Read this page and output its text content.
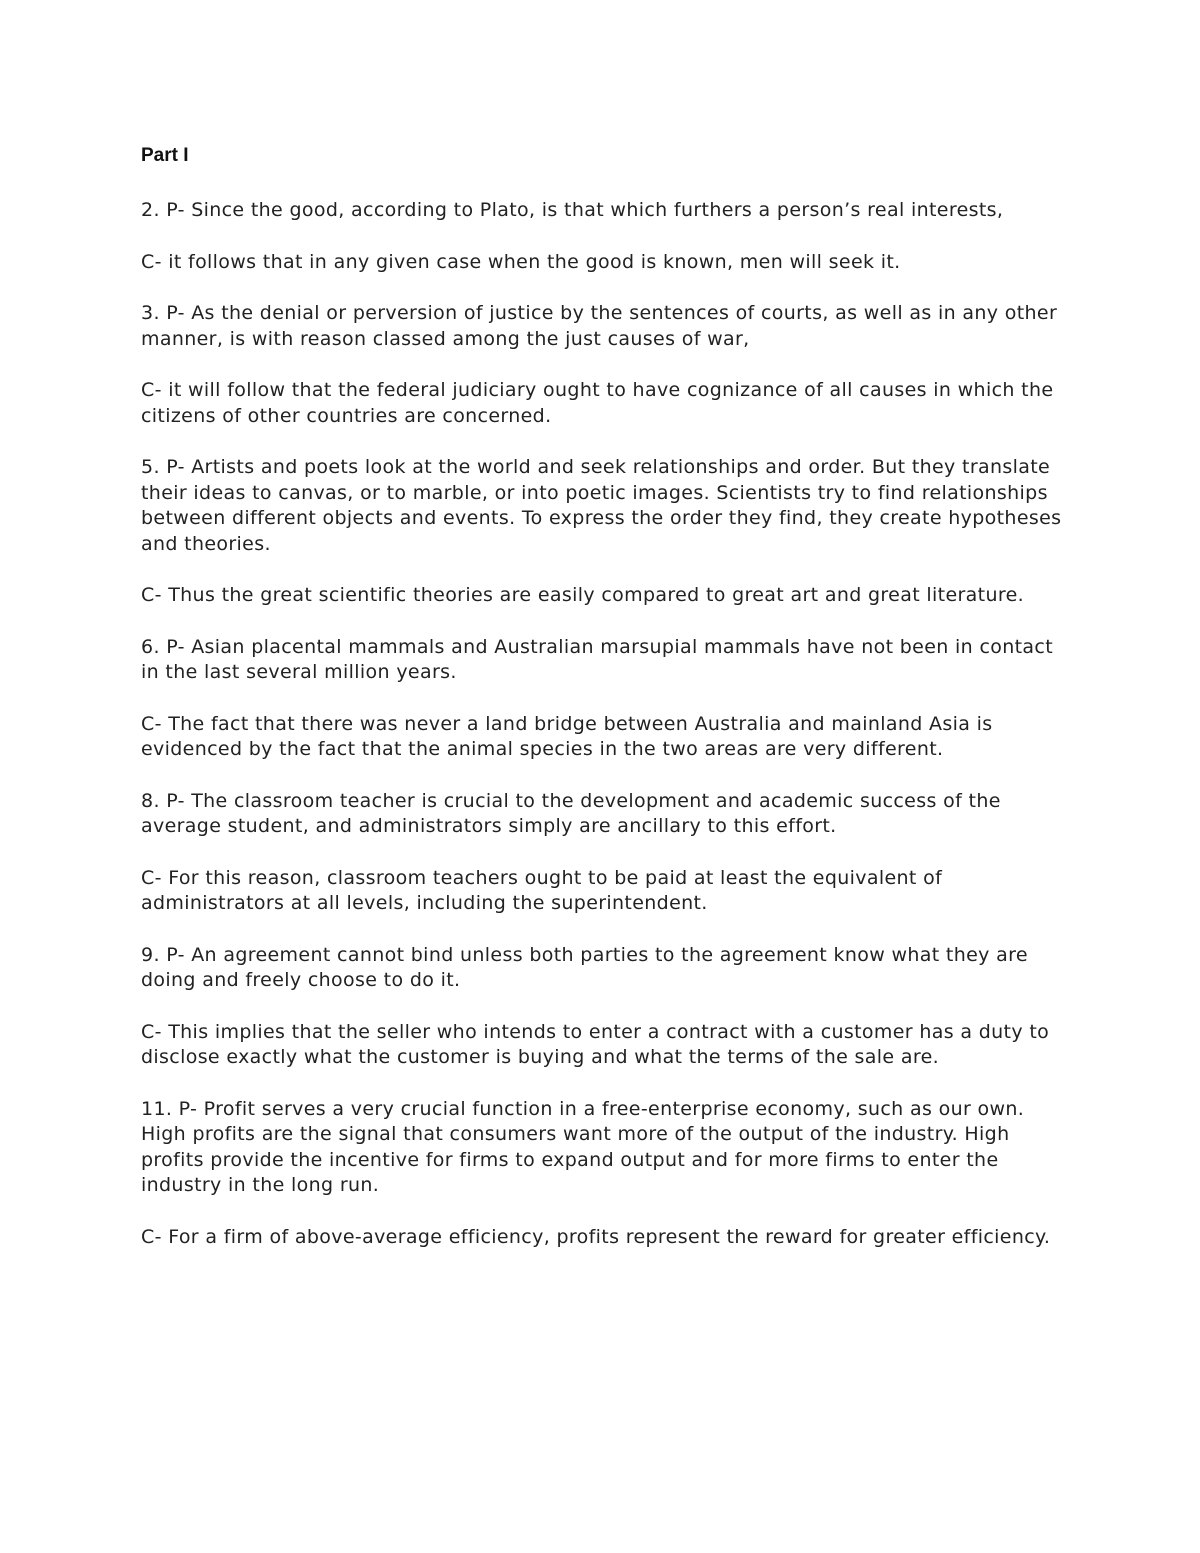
Part I

2. P- Since the good, according to Plato, is that which furthers a person’s real interests,

C- it follows that in any given case when the good is known, men will seek it.

3. P- As the denial or perversion of justice by the sentences of courts, as well as in any other manner, is with reason classed among the just causes of war,

C- it will follow that the federal judiciary ought to have cognizance of all causes in which the citizens of other countries are concerned.

5. P- Artists and poets look at the world and seek relationships and order. But they translate their ideas to canvas, or to marble, or into poetic images. Scientists try to find relationships between different objects and events. To express the order they find, they create hypotheses and theories.

C- Thus the great scientific theories are easily compared to great art and great literature.

6. P- Asian placental mammals and Australian marsupial mammals have not been in contact in the last several million years.

C- The fact that there was never a land bridge between Australia and mainland Asia is evidenced by the fact that the animal species in the two areas are very different.

8. P- The classroom teacher is crucial to the development and academic success of the average student, and administrators simply are ancillary to this effort.

C- For this reason, classroom teachers ought to be paid at least the equivalent of administrators at all levels, including the superintendent.

9. P- An agreement cannot bind unless both parties to the agreement know what they are doing and freely choose to do it.

C- This implies that the seller who intends to enter a contract with a customer has a duty to disclose exactly what the customer is buying and what the terms of the sale are.

11. P- Profit serves a very crucial function in a free-enterprise economy, such as our own. High profits are the signal that consumers want more of the output of the industry. High profits provide the incentive for firms to expand output and for more firms to enter the industry in the long run.

C- For a firm of above-average efficiency, profits represent the reward for greater efficiency.
